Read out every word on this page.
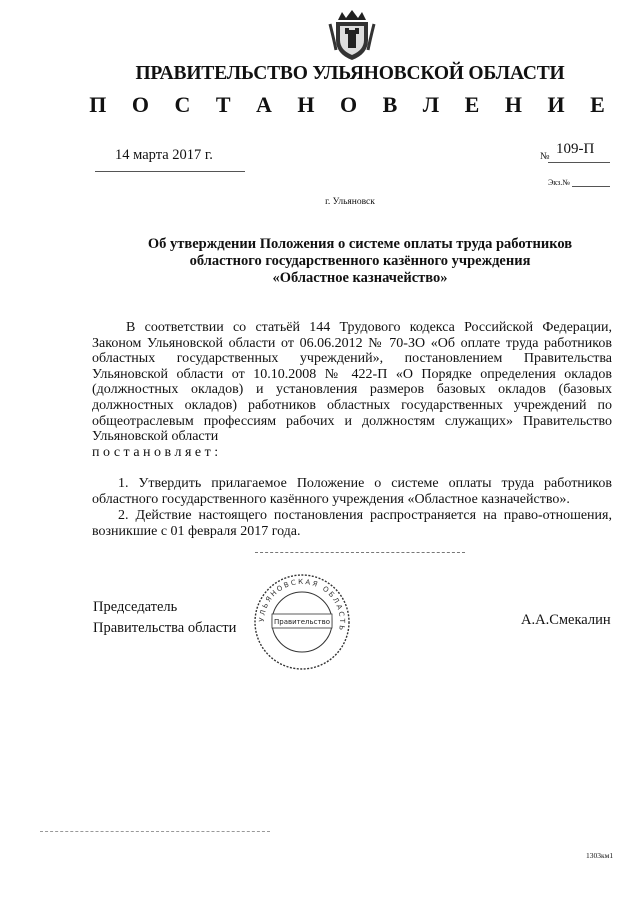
ПРАВИТЕЛЬСТВО УЛЬЯНОВСКОЙ ОБЛАСТИ
П О С Т А Н О В Л Е Н И Е
14 марта 2017 г.	№ 109-П
Экз.№
г. Ульяновск
Об утверждении Положения о системе оплаты труда работников
областного государственного казённого учреждения
«Областное казначейство»
В соответствии со статьёй 144 Трудового кодекса Российской Федерации, Законом Ульяновской области от 06.06.2012 № 70-ЗО «Об оплате труда работников областных государственных учреждений», постановлением Правительства Ульяновской области от 10.10.2008 № 422-П «О Порядке определения окладов (должностных окладов) и установления размеров базовых окладов (базовых должностных окладов) работников областных государственных учреждений по общеотраслевым профессиям рабочих и должностям служащих» Правительство Ульяновской области
постановляет:
1. Утвердить прилагаемое Положение о системе оплаты труда работников областного государственного казённого учреждения «Областное казначейство».
2. Действие настоящего постановления распространяется на право-отношения, возникшие с 01 февраля 2017 года.
Председатель
Правительства области
УЛЬЯНОВСКАЯ ОБЛАСТЬ
Правительство	А.А.Смекалин
1303км1
